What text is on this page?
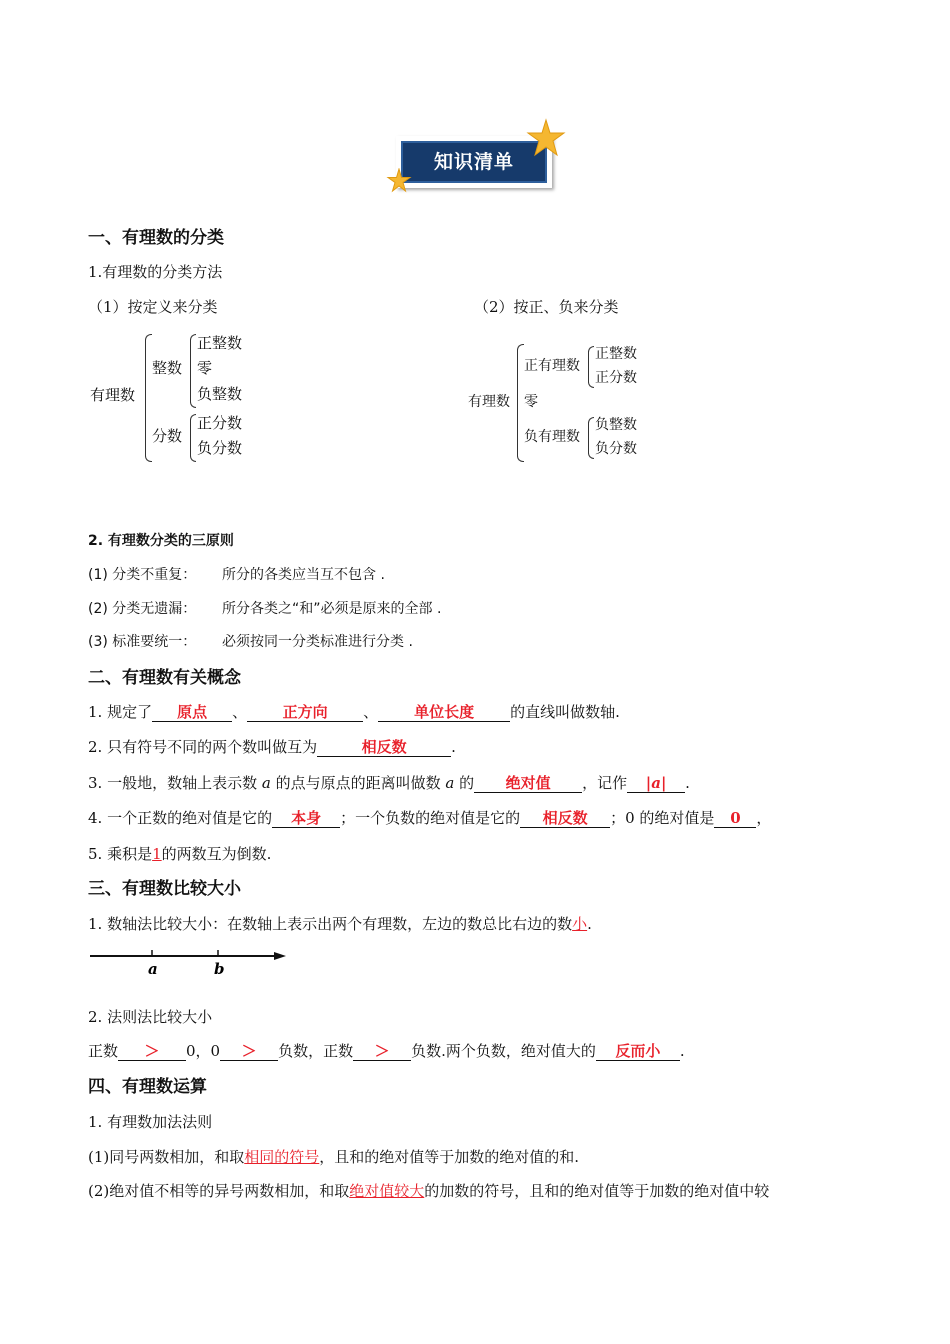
知识清单
一、有理数的分类
1.有理数的分类方法
（1）按定义来分类	（2）按正、负来分类
有理数
整数
正整数
零
负整数
分数
正分数
负分数
有理数
正有理数
正整数
正分数
零
负有理数
负整数
负分数
2. 有理数分类的三原则
(1) 分类不重复： 所分的各类应当互不包含 .
(2) 分类无遗漏： 所分各类之“和”必须是原来的全部 .
(3) 标准要统一： 必须按同一分类标准进行分类 .
二、有理数有关概念
1. 规定了 原点 、 正方向 、 单位长度 的直线叫做数轴.
2. 只有符号不同的两个数叫做互为	相反数	.
3. 一般地，数轴上表示数 a 的点与原点的距离叫做数 a 的 绝对值 ，记作 |a| .
4. 一个正数的绝对值是它的 本身 ；一个负数的绝对值是它的 相反数 ；0 的绝对值是 0 ，
5. 乘积是1的两数互为倒数.
三、有理数比较大小
1. 数轴法比较大小：在数轴上表示出两个有理数，左边的数总比右边的数小.
a	b
2. 法则法比较大小
正数 ＞ 0，0 ＞ 负数，正数 ＞ 负数.两个负数，绝对值大的 反而小 .
四、有理数运算
1. 有理数加法法则
(1)同号两数相加，和取相同的符号，且和的绝对值等于加数的绝对值的和.
(2)绝对值不相等的异号两数相加，和取绝对值较大的加数的符号，且和的绝对值等于加数的绝对值中较
